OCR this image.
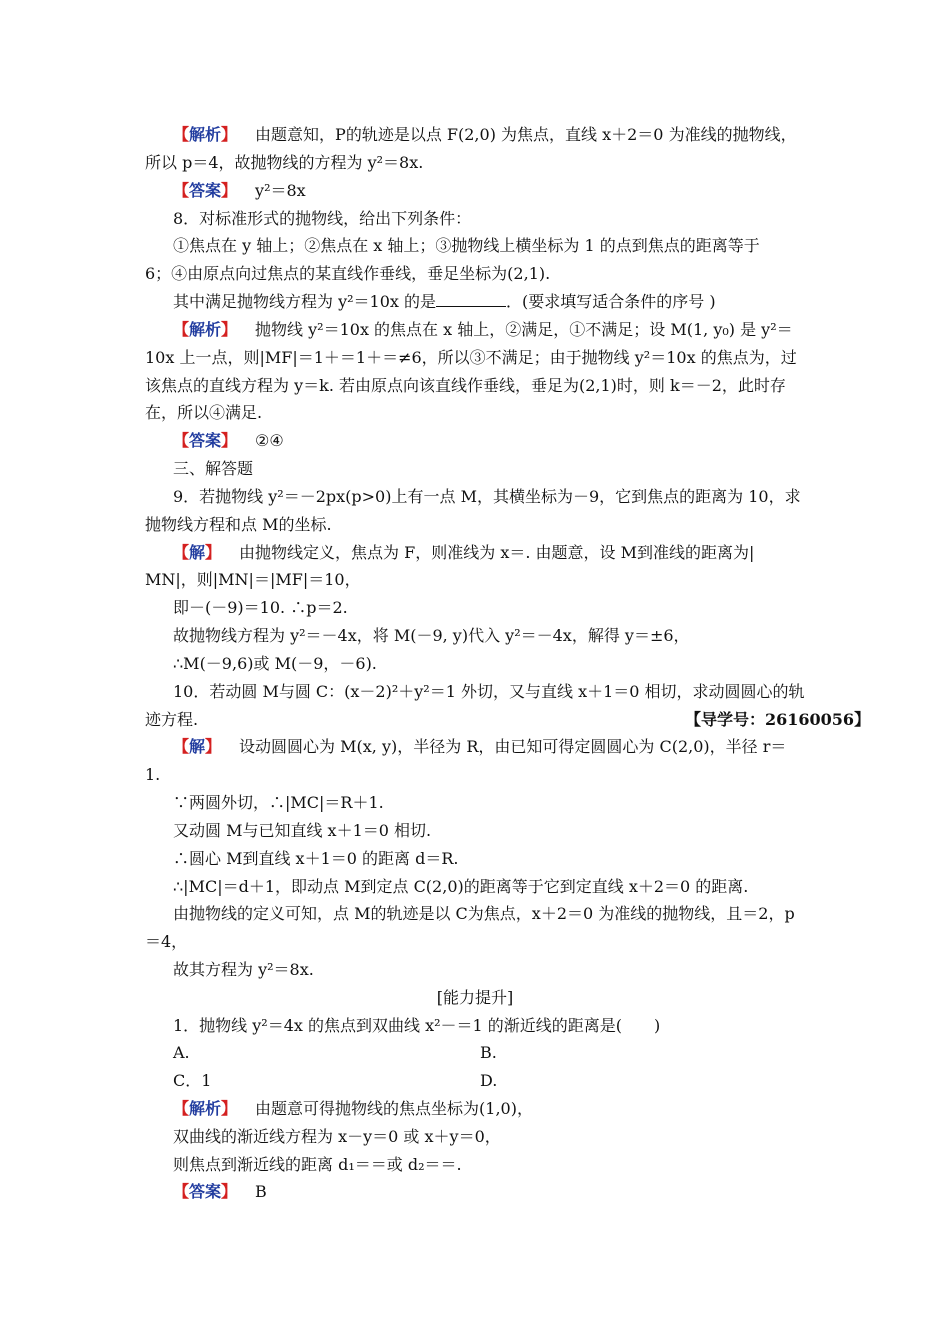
【解析】 由题意知，P的轨迹是以点 F(2,0) 为焦点，直线 x＋2＝0 为准线的抛物线，
所以 p＝4，故抛物线的方程为 y²＝8x.
【答案】 y²＝8x
8．对标准形式的抛物线，给出下列条件：
①焦点在 y 轴上；②焦点在 x 轴上；③抛物线上横坐标为 1 的点到焦点的距离等于
6；④由原点向过焦点的某直线作垂线，垂足坐标为(2,1).
其中满足抛物线方程为 y²＝10x 的是	．(要求填写适合条件的序号 )
【解析】 抛物线 y²＝10x 的焦点在 x 轴上，②满足，①不满足；设 M(1, y₀) 是 y²＝
10x 上一点，则|MF|＝1＋＝1＋＝≠6，所以③不满足；由于抛物线 y²＝10x 的焦点为，过
该焦点的直线方程为 y＝k. 若由原点向该直线作垂线，垂足为(2,1)时，则 k＝－2，此时存
在，所以④满足.
【答案】 ②④
三、解答题
9．若抛物线 y²＝－2px(p>0)上有一点 M，其横坐标为－9，它到焦点的距离为 10，求
抛物线方程和点 M的坐标.
【解】 由抛物线定义，焦点为 F，则准线为 x＝. 由题意，设 M到准线的距离为|
MN|，则|MN|＝|MF|＝10，
即－(－9)＝10. ∴p＝2.
故抛物线方程为 y²＝－4x，将 M(－9, y)代入 y²＝－4x，解得 y＝±6，
∴M(－9,6)或 M(－9，－6).
10．若动圆 M与圆 C：(x－2)²＋y²＝1 外切，又与直线 x＋1＝0 相切，求动圆圆心的轨
迹方程.	【导学号：26160056】
【解】 设动圆圆心为 M(x, y)，半径为 R，由已知可得定圆圆心为 C(2,0)，半径 r＝
1.
∵两圆外切，∴|MC|＝R＋1.
又动圆 M与已知直线 x＋1＝0 相切.
∴圆心 M到直线 x＋1＝0 的距离 d＝R.
∴|MC|＝d＋1，即动点 M到定点 C(2,0)的距离等于它到定直线 x＋2＝0 的距离.
由抛物线的定义可知，点 M的轨迹是以 C为焦点，x＋2＝0 为准线的抛物线，且＝2，p
＝4，
故其方程为 y²＝8x.
[能力提升]
1．抛物线 y²＝4x 的焦点到双曲线 x²－＝1 的渐近线的距离是(　　)
A.	B.
C．1	D.
【解析】 由题意可得抛物线的焦点坐标为(1,0)，
双曲线的渐近线方程为 x－y＝0 或 x＋y＝0，
则焦点到渐近线的距离 d₁＝＝或 d₂＝＝.
【答案】 B
